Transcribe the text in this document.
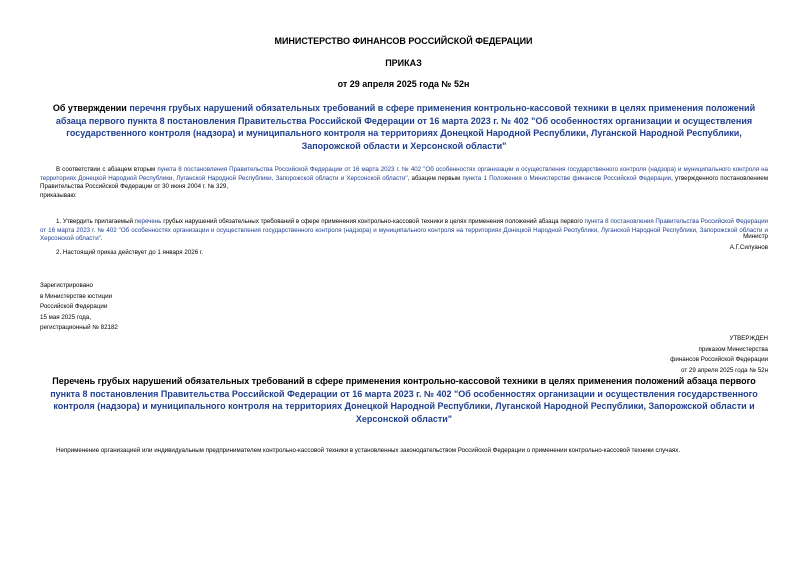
МИНИСТЕРСТВО ФИНАНСОВ РОССИЙСКОЙ ФЕДЕРАЦИИ
ПРИКАЗ
от 29 апреля 2025 года № 52н
Об утверждении перечня грубых нарушений обязательных требований в сфере применения контрольно-кассовой техники в целях применения положений абзаца первого пункта 8 постановления Правительства Российской Федерации от 16 марта 2023 г. № 402 "Об особенностях организации и осуществления государственного контроля (надзора) и муниципального контроля на территориях Донецкой Народной Республики, Луганской Народной Республики, Запорожской области и Херсонской области"
В соответствии с абзацем вторым пункта 8 постановления Правительства Российской Федерации от 16 марта 2023 г. № 402 "Об особенностях организации и осуществления государственного контроля (надзора) и муниципального контроля на территориях Донецкой Народной Республики, Луганской Народной Республики, Запорожской области и Херсонской области", абзацем первым пункта 1 Положения о Министерстве финансов Российской Федерации, утвержденного постановлением Правительства Российской Федерации от 30 июня 2004 г. № 329,
приказываю:
1. Утвердить прилагаемый перечень грубых нарушений обязательных требований в сфере применения контрольно-кассовой техники в целях применения положений абзаца первого пункта 8 постановления Правительства Российской Федерации от 16 марта 2023 г. № 402 "Об особенностях организации и осуществления государственного контроля (надзора) и муниципального контроля на территориях Донецкой Народной Республики, Луганской Народной Республики, Запорожской области и Херсонской области".
2. Настоящий приказ действует до 1 января 2026 г.
Министр
А.Г.Силуанов
Зарегистрировано
в Министерстве юстиции
Российской Федерации
15 мая 2025 года,
регистрационный № 82182
УТВЕРЖДЕН
приказом Министерства
финансов Российской Федерации
от 29 апреля 2025 года № 52н
Перечень грубых нарушений обязательных требований в сфере применения контрольно-кассовой техники в целях применения положений абзаца первого пункта 8 постановления Правительства Российской Федерации от 16 марта 2023 г. № 402 "Об особенностях организации и осуществления государственного контроля (надзора) и муниципального контроля на территориях Донецкой Народной Республики, Луганской Народной Республики, Запорожской области и Херсонской области"
Неприменение организацией или индивидуальным предпринимателем контрольно-кассовой техники в установленных законодательством Российской Федерации о применении контрольно-кассовой техники случаях.
